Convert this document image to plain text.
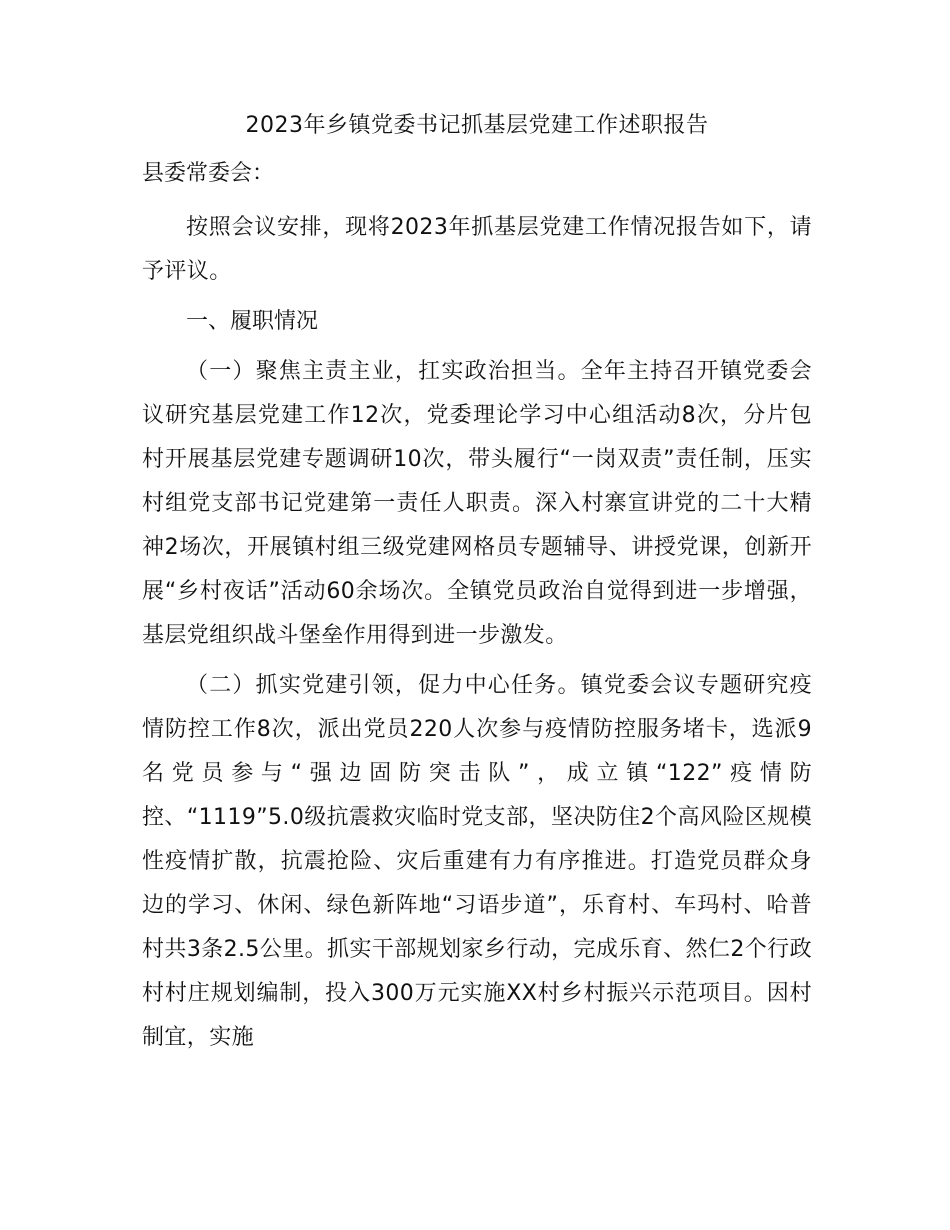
2023年乡镇党委书记抓基层党建工作述职报告

县委常委会：

按照会议安排，现将2023年抓基层党建工作情况报告如下，请予评议。

一、履职情况

（一）聚焦主责主业，扛实政治担当。全年主持召开镇党委会议研究基层党建工作12次，党委理论学习中心组活动8次，分片包村开展基层党建专题调研10次，带头履行“一岗双责”责任制，压实村组党支部书记党建第一责任人职责。深入村寨宣讲党的二十大精神2场次，开展镇村组三级党建网格员专题辅导、讲授党课，创新开展“乡村夜话”活动60余场次。全镇党员政治自觉得到进一步增强，基层党组织战斗堡垒作用得到进一步激发。

（二）抓实党建引领，促力中心任务。镇党委会议专题研究疫情防控工作8次，派出党员220人次参与疫情防控服务堵卡，选派9名党员参与“强边固防突击队”，成立镇“122”疫情防控、“1119”5.0级抗震救灾临时党支部，坚决防住2个高风险区规模性疫情扩散，抗震抢险、灾后重建有力有序推进。打造党员群众身边的学习、休闲、绿色新阵地“习语步道”，乐育村、车玛村、哈普村共3条2.5公里。抓实干部规划家乡行动，完成乐育、然仁2个行政村村庄规划编制，投入300万元实施XX村乡村振兴示范项目。因村制宜，实施
